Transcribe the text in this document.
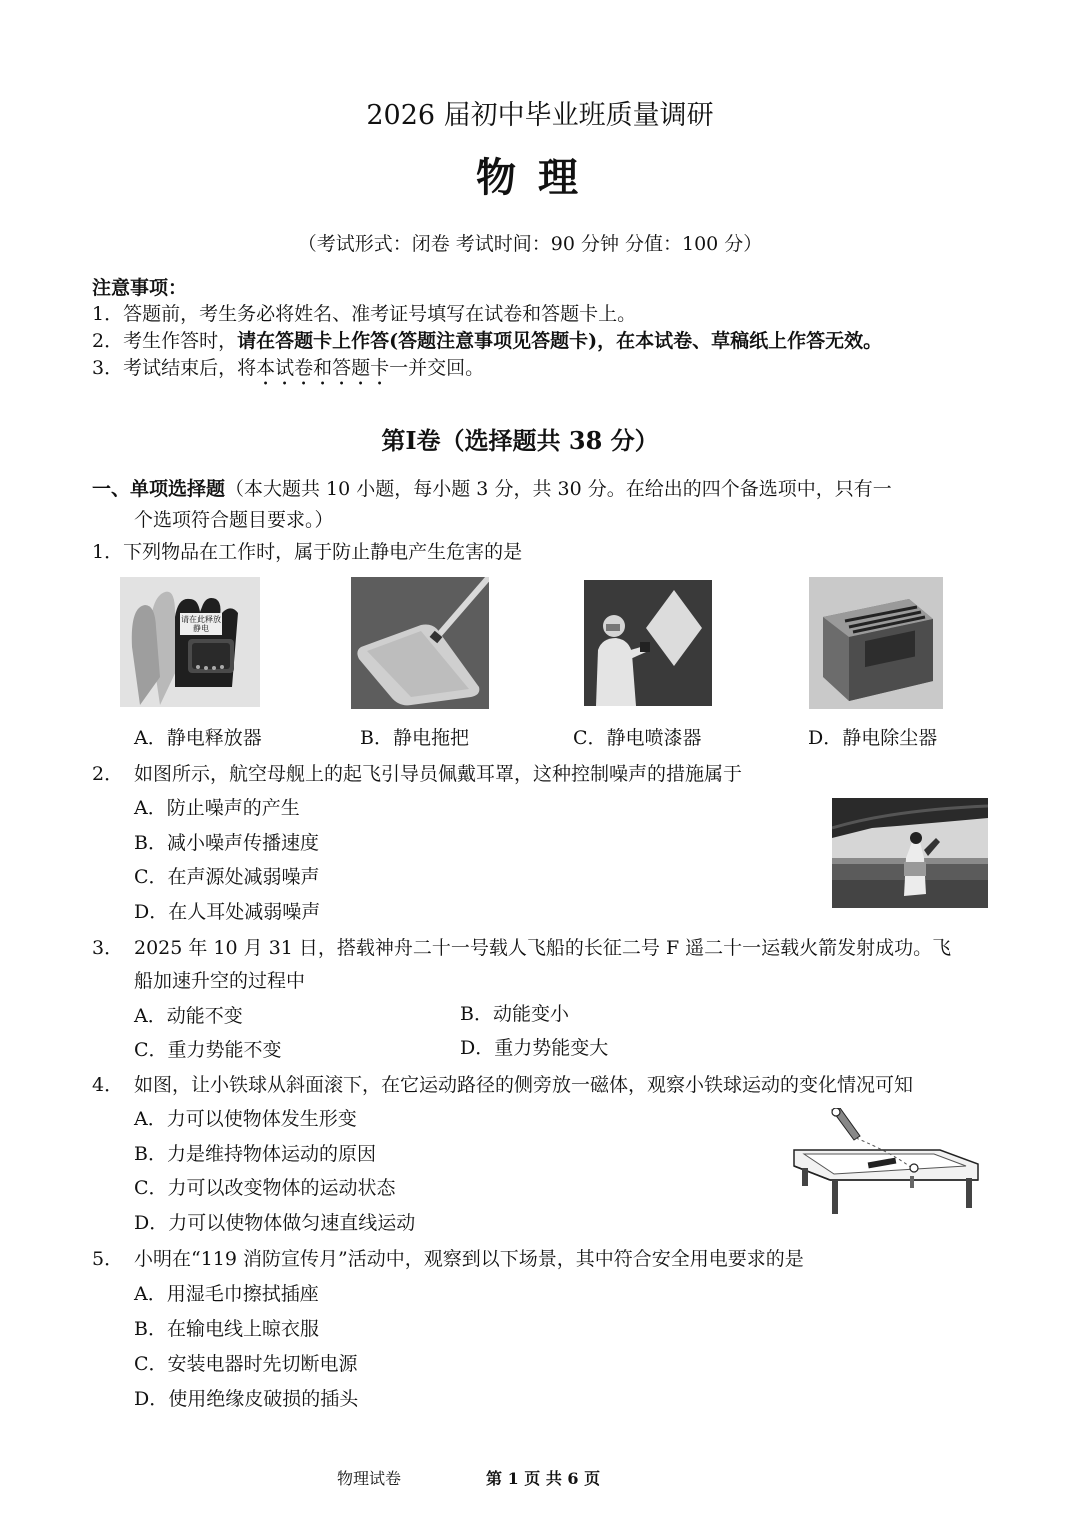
2026 届初中毕业班质量调研
物 理
（考试形式：闭卷 考试时间：90 分钟 分值：100 分）
注意事项：
1．答题前，考生务必将姓名、准考证号填写在试卷和答题卡上。
2．考生作答时，请在答题卡上作答(答题注意事项见答题卡)，在本试卷、草稿纸上作答无效。
3．考试结束后，将本试卷和答题卡一并交回。
第Ⅰ卷（选择题共 38 分）
一、单项选择题（本大题共 10 小题，每小题 3 分，共 30 分。在给出的四个备选项中，只有一
个选项符合题目要求。）
1．下列物品在工作时，属于防止静电产生危害的是
请在此释放静电
A．静电释放器	B．静电拖把	C．静电喷漆器	D．静电除尘器
2． 如图所示，航空母舰上的起飞引导员佩戴耳罩，这种控制噪声的措施属于
A．防止噪声的产生
B．减小噪声传播速度
C．在声源处减弱噪声
D．在人耳处减弱噪声
3． 2025 年 10 月 31 日，搭载神舟二十一号载人飞船的长征二号 F 遥二十一运载火箭发射成功。飞
船加速升空的过程中
A．动能不变	B．动能变小
C．重力势能不变	D．重力势能变大
4． 如图，让小铁球从斜面滚下，在它运动路径的侧旁放一磁体，观察小铁球运动的变化情况可知
A．力可以使物体发生形变
B．力是维持物体运动的原因
C．力可以改变物体的运动状态
D．力可以使物体做匀速直线运动
5． 小明在“119 消防宣传月”活动中，观察到以下场景，其中符合安全用电要求的是
A．用湿毛巾擦拭插座
B．在输电线上晾衣服
C．安装电器时先切断电源
D．使用绝缘皮破损的插头
物理试卷	第 1 页 共 6 页
